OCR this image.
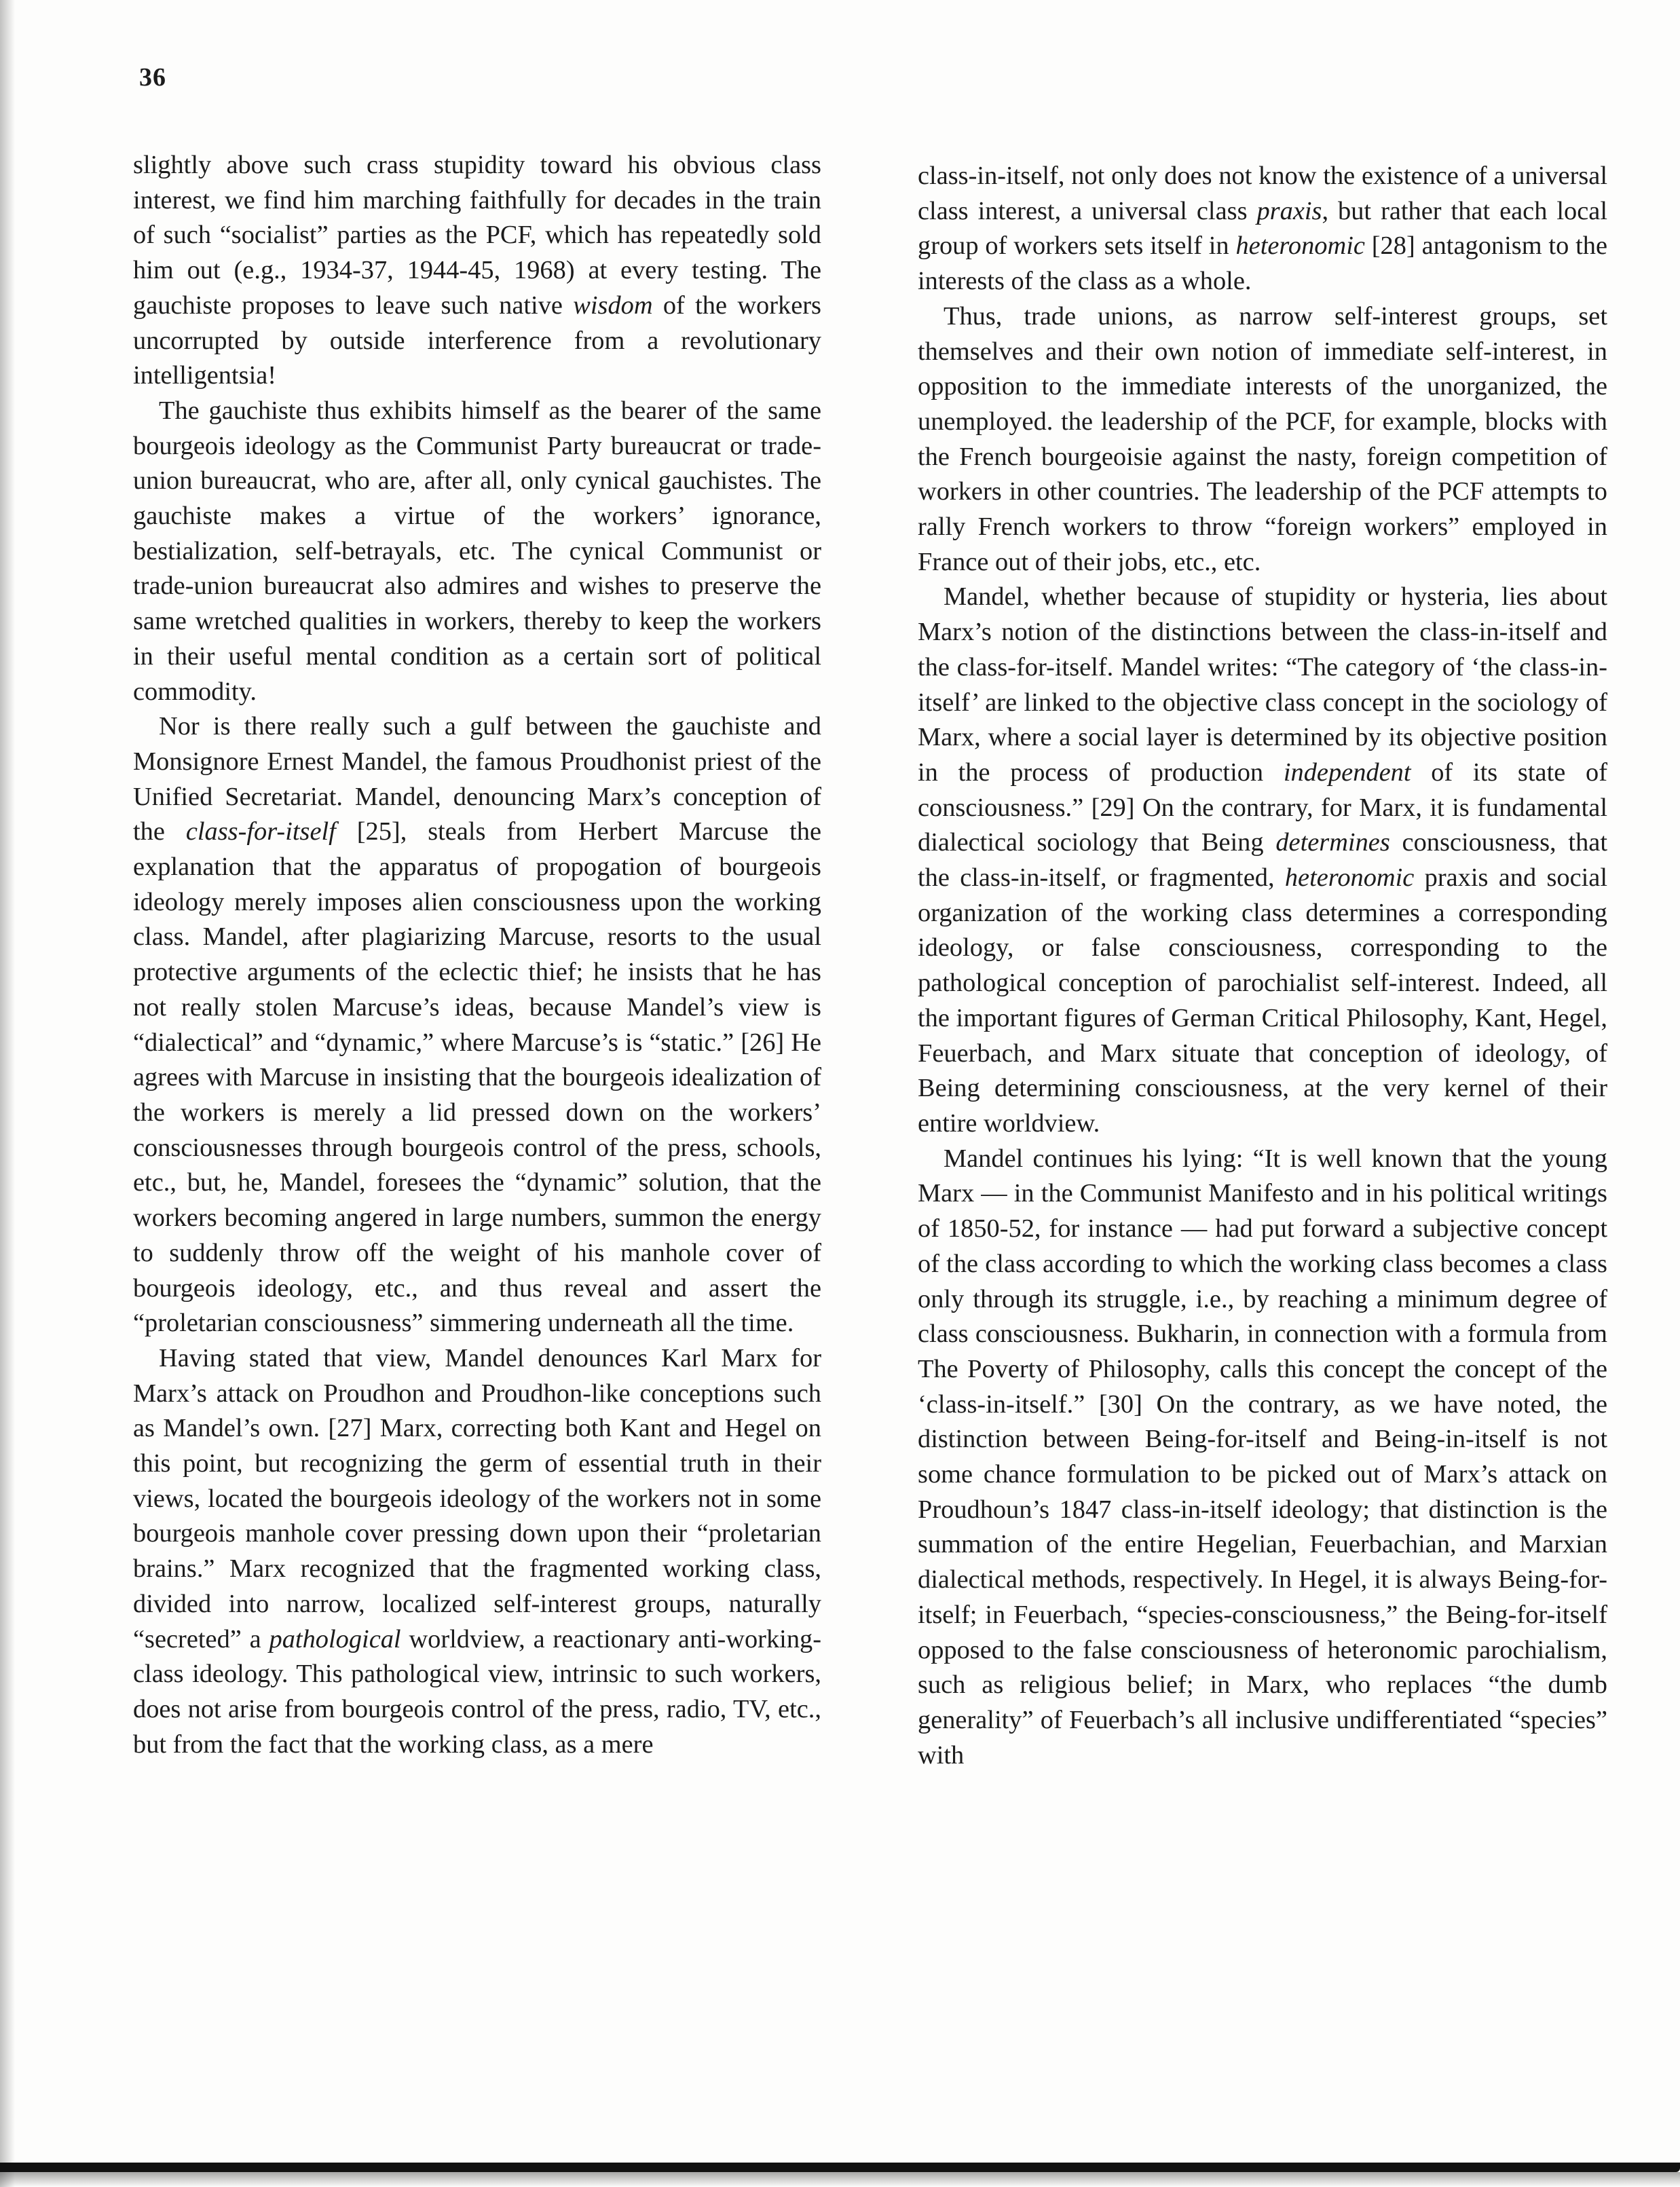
36

slightly above such crass stupidity toward his obvious class interest, we find him marching faithfully for decades in the train of such “socialist” parties as the PCF, which has repeatedly sold him out (e.g., 1934-37, 1944-45, 1968) at every testing. The gauchiste proposes to leave such native wisdom of the workers uncorrupted by outside interference from a revolutionary intelligentsia!

The gauchiste thus exhibits himself as the bearer of the same bourgeois ideology as the Communist Party bureaucrat or trade-union bureaucrat, who are, after all, only cynical gauchistes. The gauchiste makes a virtue of the workers’ ignorance, bestialization, self-betrayals, etc. The cynical Communist or trade-union bureaucrat also admires and wishes to preserve the same wretched qualities in workers, thereby to keep the workers in their useful mental condition as a certain sort of political commodity.

Nor is there really such a gulf between the gauchiste and Monsignore Ernest Mandel, the famous Proudhonist priest of the Unified Secretariat. Mandel, denouncing Marx’s conception of the class-for-itself [25], steals from Herbert Marcuse the explanation that the apparatus of propogation of bourgeois ideology merely imposes alien consciousness upon the working class. Mandel, after plagiarizing Marcuse, resorts to the usual protective arguments of the eclectic thief; he insists that he has not really stolen Marcuse’s ideas, because Mandel’s view is “dialectical” and “dynamic,” where Marcuse’s is “static.” [26] He agrees with Marcuse in insisting that the bourgeois idealization of the workers is merely a lid pressed down on the workers’ consciousnesses through bourgeois control of the press, schools, etc., but, he, Mandel, foresees the “dynamic” solution, that the workers becoming angered in large numbers, summon the energy to suddenly throw off the weight of his manhole cover of bourgeois ideology, etc., and thus reveal and assert the “proletarian consciousness” simmering underneath all the time.

Having stated that view, Mandel denounces Karl Marx for Marx’s attack on Proudhon and Proudhon-like conceptions such as Mandel’s own. [27] Marx, correcting both Kant and Hegel on this point, but recognizing the germ of essential truth in their views, located the bourgeois ideology of the workers not in some bourgeois manhole cover pressing down upon their “proletarian brains.” Marx recognized that the fragmented working class, divided into narrow, localized self-interest groups, naturally “secreted” a pathological worldview, a reactionary anti-working-class ideology. This pathological view, intrinsic to such workers, does not arise from bourgeois control of the press, radio, TV, etc., but from the fact that the working class, as a mere

class-in-itself, not only does not know the existence of a universal class interest, a universal class praxis, but rather that each local group of workers sets itself in heteronomic [28] antagonism to the interests of the class as a whole.

Thus, trade unions, as narrow self-interest groups, set themselves and their own notion of immediate self-interest, in opposition to the immediate interests of the unorganized, the unemployed. the leadership of the PCF, for example, blocks with the French bourgeoisie against the nasty, foreign competition of workers in other countries. The leadership of the PCF attempts to rally French workers to throw “foreign workers” employed in France out of their jobs, etc., etc.

Mandel, whether because of stupidity or hysteria, lies about Marx’s notion of the distinctions between the class-in-itself and the class-for-itself. Mandel writes: “The category of ‘the class-in-itself’ are linked to the objective class concept in the sociology of Marx, where a social layer is determined by its objective position in the process of production independent of its state of consciousness.” [29] On the contrary, for Marx, it is fundamental dialectical sociology that Being determines consciousness, that the class-in-itself, or fragmented, heteronomic praxis and social organization of the working class determines a corresponding ideology, or false consciousness, corresponding to the pathological conception of parochialist self-interest. Indeed, all the important figures of German Critical Philosophy, Kant, Hegel, Feuerbach, and Marx situate that conception of ideology, of Being determining consciousness, at the very kernel of their entire worldview.

Mandel continues his lying: “It is well known that the young Marx — in the Communist Manifesto and in his political writings of 1850-52, for instance — had put forward a subjective concept of the class according to which the working class becomes a class only through its struggle, i.e., by reaching a minimum degree of class consciousness. Bukharin, in connection with a formula from The Poverty of Philosophy, calls this concept the concept of the ‘class-in-itself.” [30] On the contrary, as we have noted, the distinction between Being-for-itself and Being-in-itself is not some chance formulation to be picked out of Marx’s attack on Proudhoun’s 1847 class-in-itself ideology; that distinction is the summation of the entire Hegelian, Feuerbachian, and Marxian dialectical methods, respectively. In Hegel, it is always Being-for-itself; in Feuerbach, “species-consciousness,” the Being-for-itself opposed to the false consciousness of heteronomic parochialism, such as religious belief; in Marx, who replaces “the dumb generality” of Feuerbach’s all inclusive undifferentiated “species” with
